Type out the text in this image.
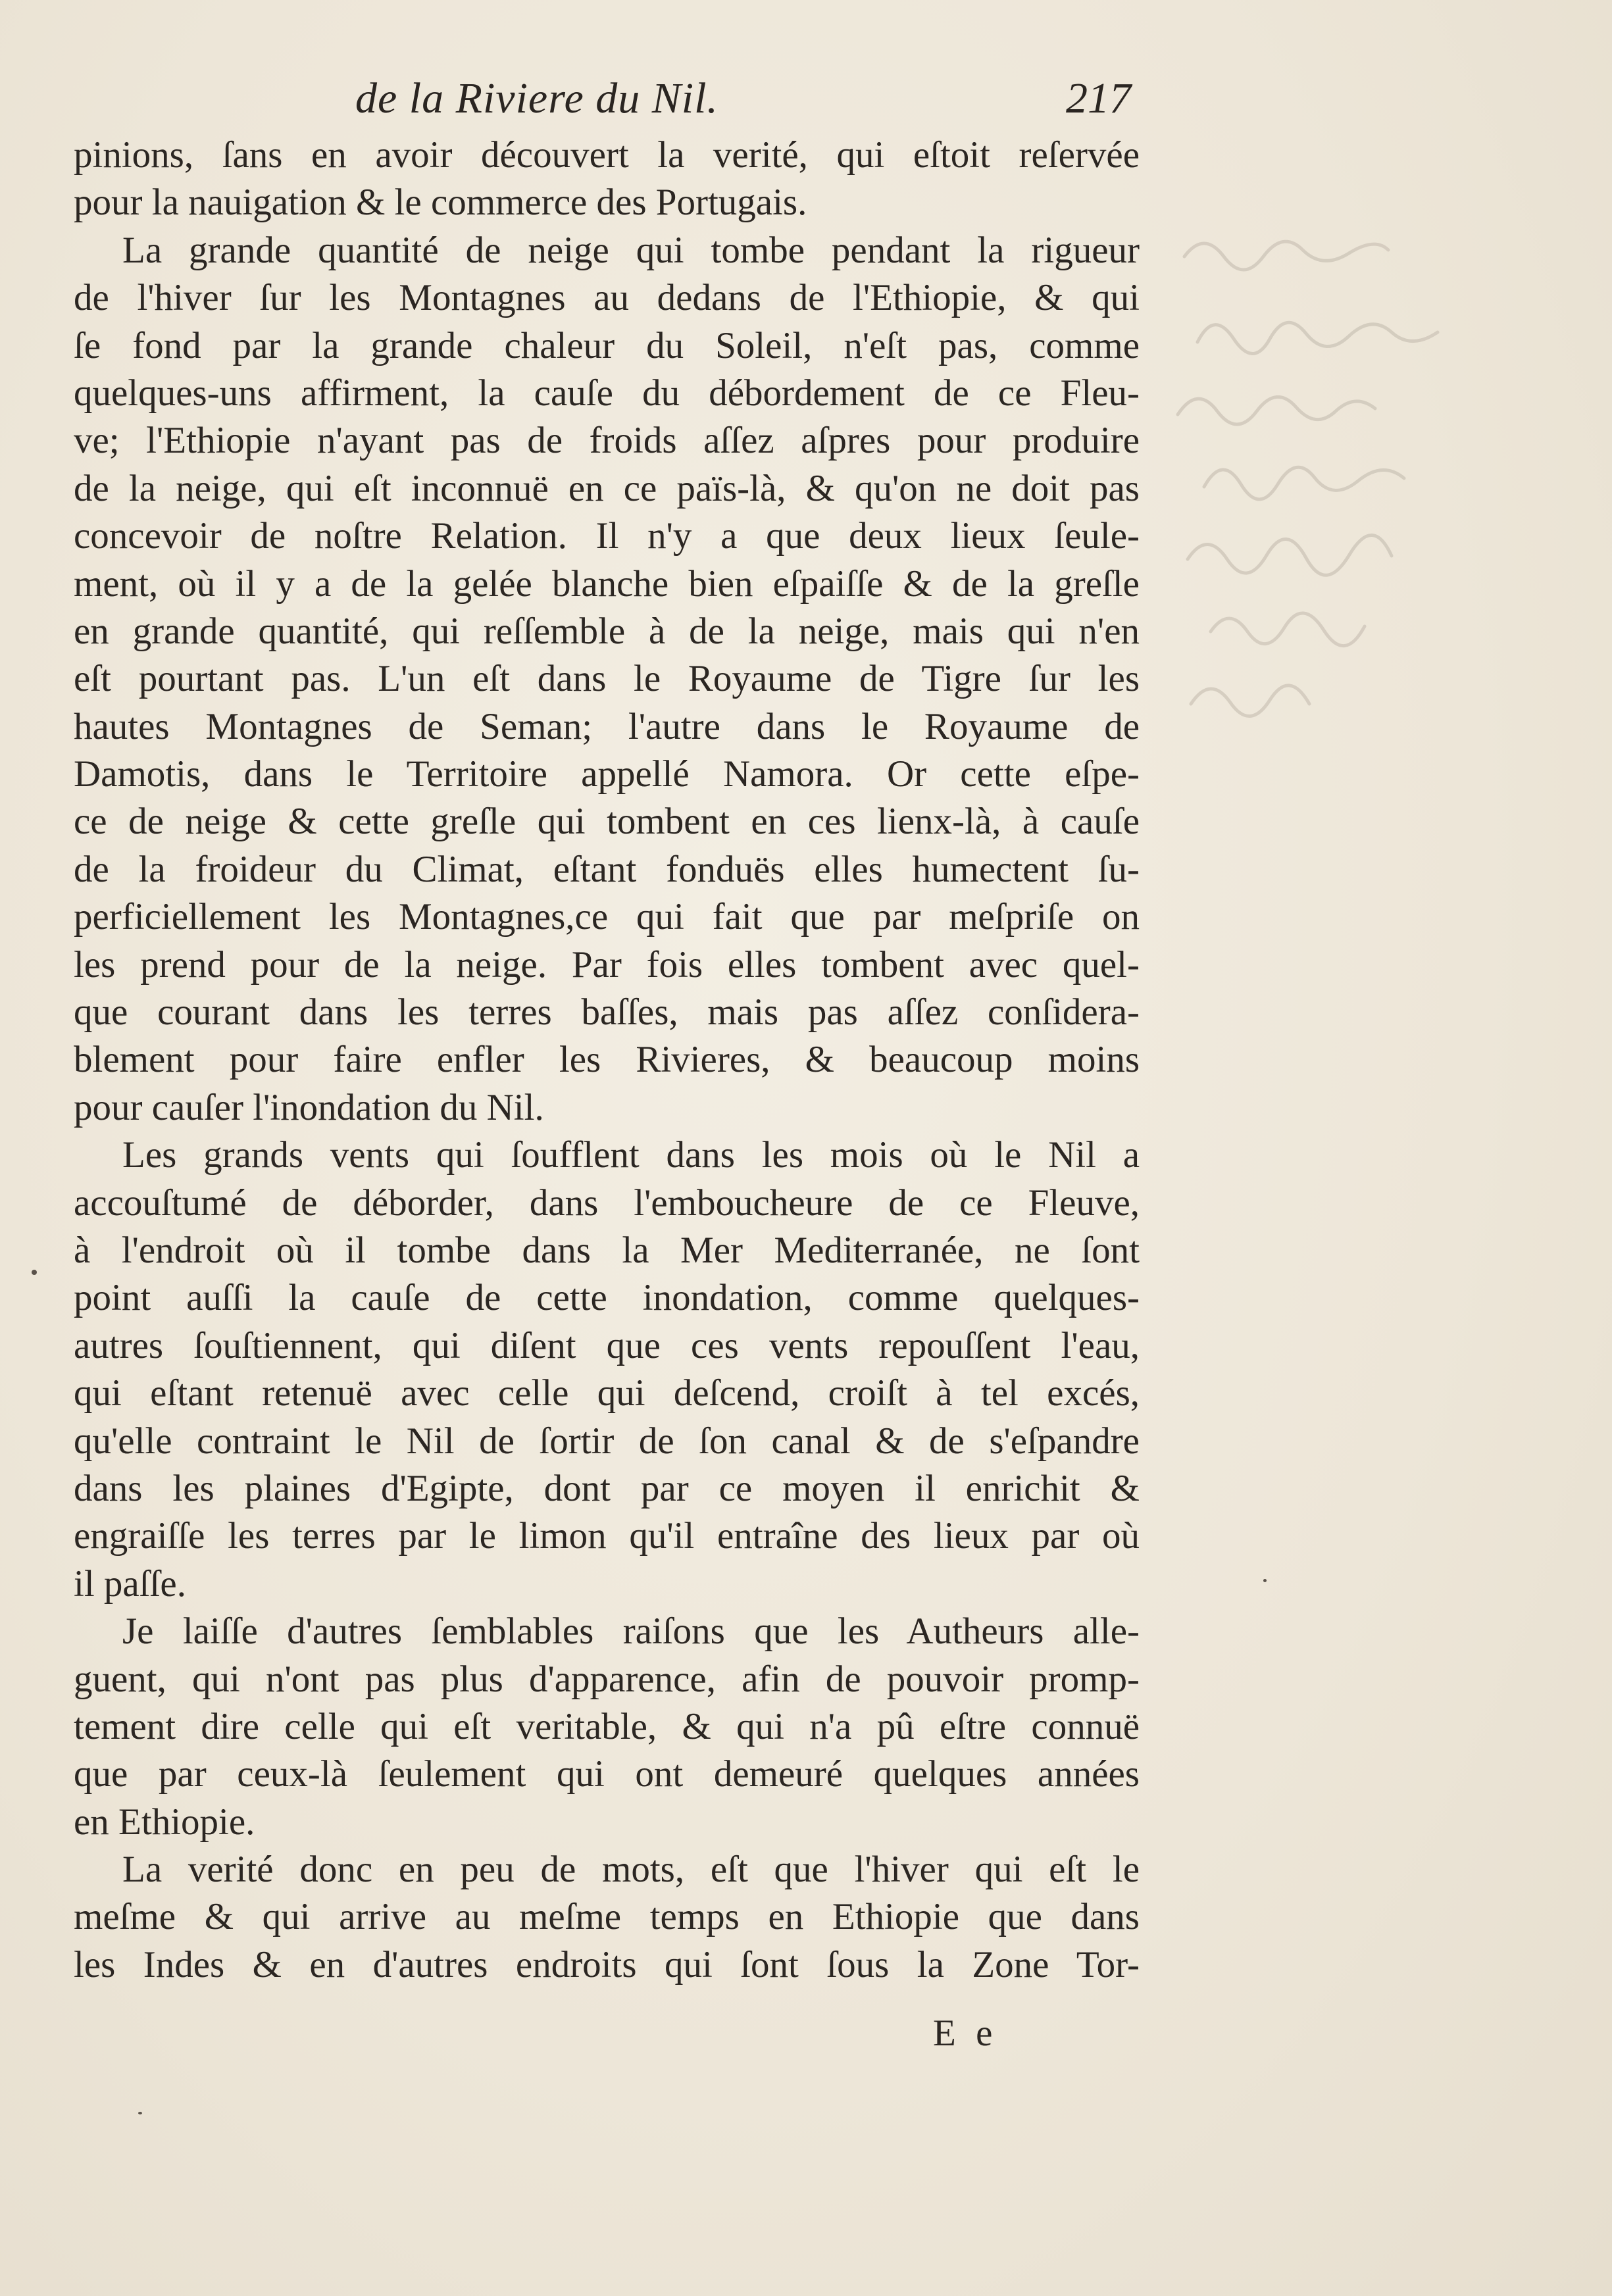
de la Riviere du Nil.	217
pinions, ſans en avoir découvert la verité, qui eſtoit reſervée
pour la nauigation & le commerce des Portugais.
La grande quantité de neige qui tombe pendant la rigueur
de l'hiver ſur les Montagnes au dedans de l'Ethiopie, & qui
ſe fond par la grande chaleur du Soleil, n'eſt pas, comme
quelques-uns affirment, la cauſe du débordement de ce Fleu-
ve; l'Ethiopie n'ayant pas de froids aſſez aſpres pour produire
de la neige, qui eſt inconnuë en ce païs-là, & qu'on ne doit pas
concevoir de noſtre Relation. Il n'y a que deux lieux ſeule-
ment, où il y a de la gelée blanche bien eſpaiſſe & de la greſle
en grande quantité, qui reſſemble à de la neige, mais qui n'en
eſt pourtant pas. L'un eſt dans le Royaume de Tigre ſur les
hautes Montagnes de Seman; l'autre dans le Royaume de
Damotis, dans le Territoire appellé Namora. Or cette eſpe-
ce de neige & cette greſle qui tombent en ces lienx-là, à cauſe
de la froideur du Climat, eſtant fonduës elles humectent ſu-
perficiellement les Montagnes,ce qui fait que par meſpriſe on
les prend pour de la neige. Par fois elles tombent avec quel-
que courant dans les terres baſſes, mais pas aſſez conſidera-
blement pour faire enfler les Rivieres, & beaucoup moins
pour cauſer l'inondation du Nil.
Les grands vents qui ſoufflent dans les mois où le Nil a
accouſtumé de déborder, dans l'emboucheure de ce Fleuve,
à l'endroit où il tombe dans la Mer Mediterranée, ne ſont
point auſſi la cauſe de cette inondation, comme quelques-
autres ſouſtiennent, qui diſent que ces vents repouſſent l'eau,
qui eſtant retenuë avec celle qui deſcend, croiſt à tel excés,
qu'elle contraint le Nil de ſortir de ſon canal & de s'eſpandre
dans les plaines d'Egipte, dont par ce moyen il enrichit &
engraiſſe les terres par le limon qu'il entraîne des lieux par où
il paſſe.
Je laiſſe d'autres ſemblables raiſons que les Autheurs alle-
guent, qui n'ont pas plus d'apparence, afin de pouvoir promp-
tement dire celle qui eſt veritable, & qui n'a pû eſtre connuë
que par ceux-là ſeulement qui ont demeuré quelques années
en Ethiopie.
La verité donc en peu de mots, eſt que l'hiver qui eſt le
meſme & qui arrive au meſme temps en Ethiopie que dans
les Indes & en d'autres endroits qui ſont ſous la Zone Tor-
E e
